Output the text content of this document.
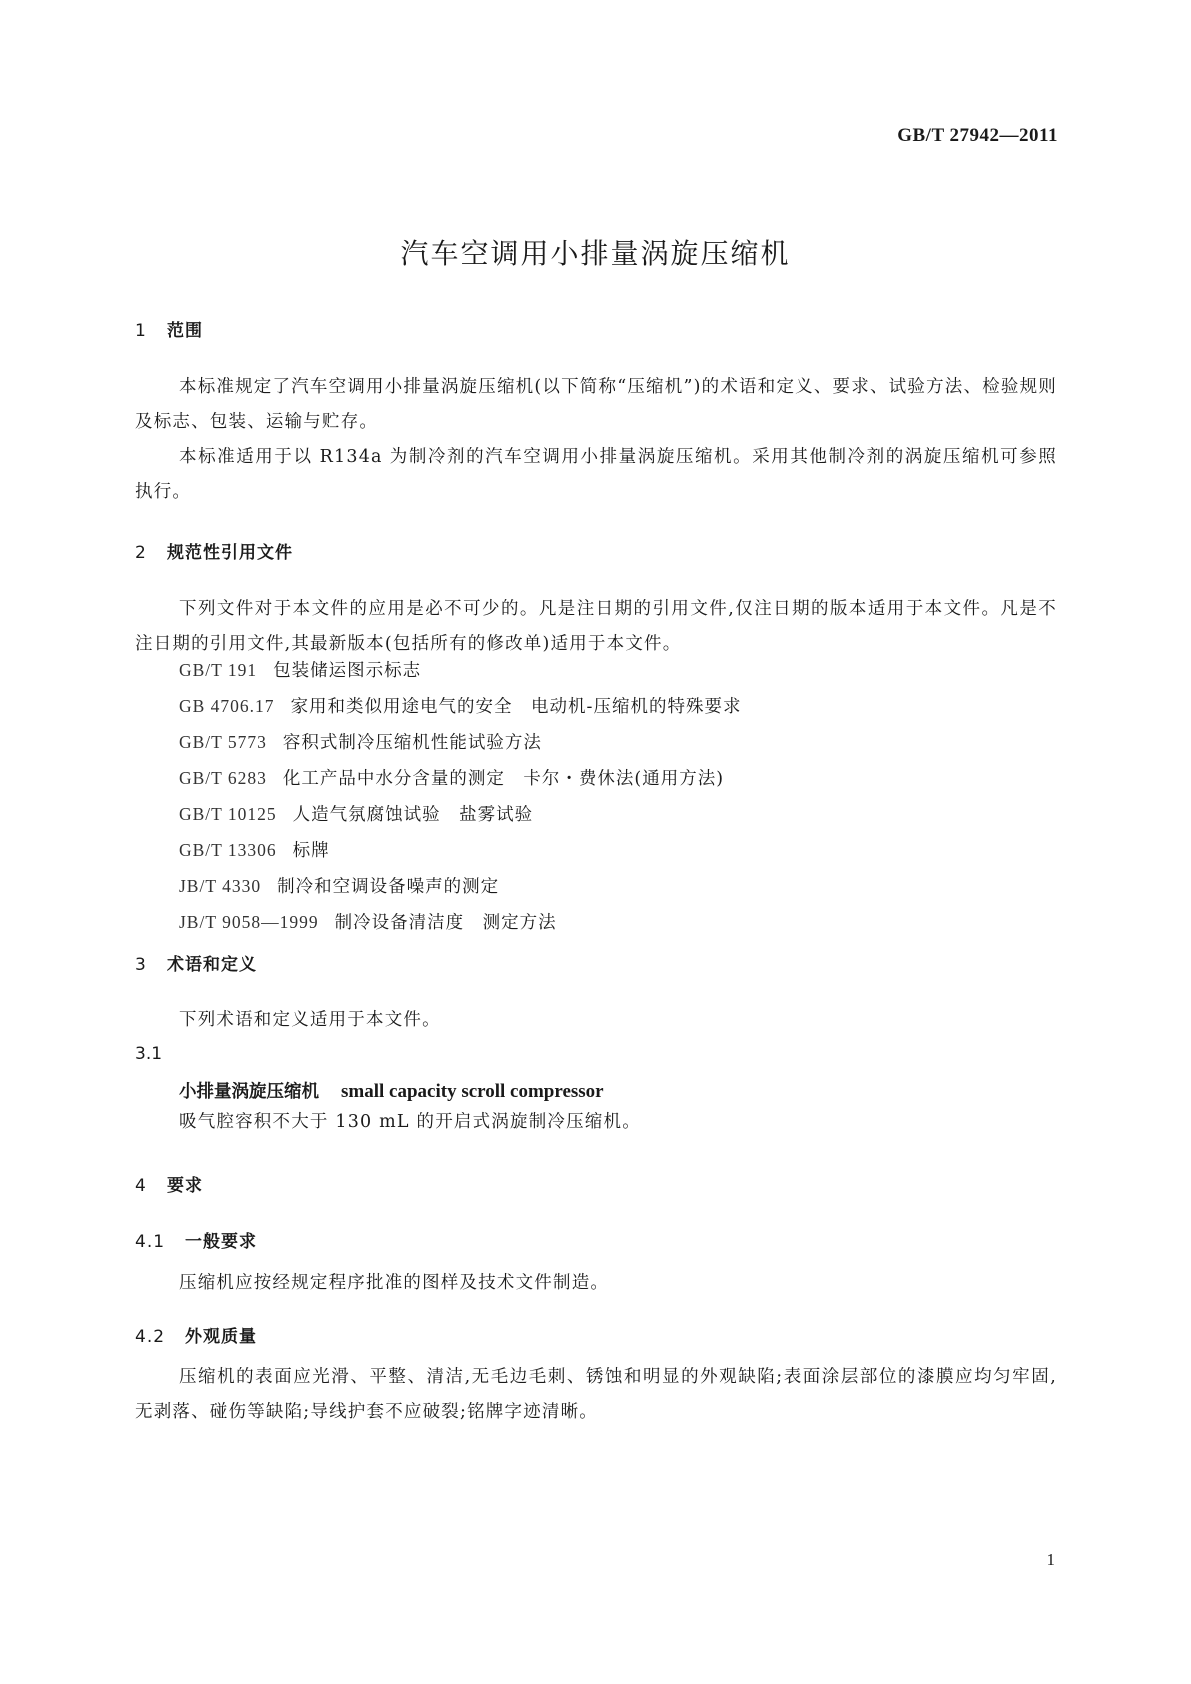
GB/T 27942—2011
汽车空调用小排量涡旋压缩机
1 范围
本标准规定了汽车空调用小排量涡旋压缩机(以下简称“压缩机”)的术语和定义、要求、试验方法、检验规则及标志、包装、运输与贮存。
本标准适用于以 R134a 为制冷剂的汽车空调用小排量涡旋压缩机。采用其他制冷剂的涡旋压缩机可参照执行。
2 规范性引用文件
下列文件对于本文件的应用是必不可少的。凡是注日期的引用文件,仅注日期的版本适用于本文件。凡是不注日期的引用文件,其最新版本(包括所有的修改单)适用于本文件。
GB/T 191 包装储运图示标志
GB 4706.17 家用和类似用途电气的安全　电动机-压缩机的特殊要求
GB/T 5773 容积式制冷压缩机性能试验方法
GB/T 6283 化工产品中水分含量的测定　卡尔・费休法(通用方法)
GB/T 10125 人造气氛腐蚀试验　盐雾试验
GB/T 13306 标牌
JB/T 4330 制冷和空调设备噪声的测定
JB/T 9058—1999 制冷设备清洁度　测定方法
3 术语和定义
下列术语和定义适用于本文件。
3.1
小排量涡旋压缩机 small capacity scroll compressor
吸气腔容积不大于 130 mL 的开启式涡旋制冷压缩机。
4 要求
4.1 一般要求
压缩机应按经规定程序批准的图样及技术文件制造。
4.2 外观质量
压缩机的表面应光滑、平整、清洁,无毛边毛刺、锈蚀和明显的外观缺陷;表面涂层部位的漆膜应均匀牢固,无剥落、碰伤等缺陷;导线护套不应破裂;铭牌字迹清晰。
1
